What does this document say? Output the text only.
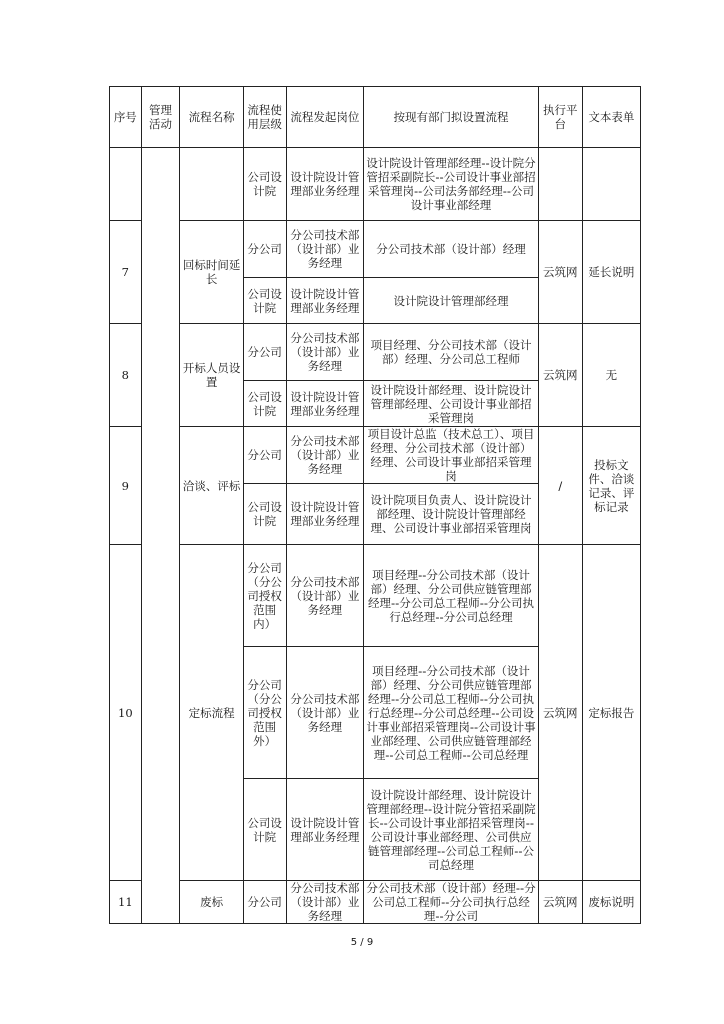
序号	管理活动	流程名称	流程使用层级	流程发起岗位	按现有部门拟设置流程	执行平台	文本表单
			公司设计院	设计院设计管理部业务经理	设计院设计管理部经理--设计院分管招采副院长--公司设计事业部招采管理岗--公司法务部经理--公司设计事业部经理		
7		回标时间延长	分公司	分公司技术部（设计部）业务经理	分公司技术部（设计部）经理	云筑网	延长说明
			公司设计院	设计院设计管理部业务经理	设计院设计管理部经理		
8		开标人员设置	分公司	分公司技术部（设计部）业务经理	项目经理、分公司技术部（设计部）经理、分公司总工程师	云筑网	无
			公司设计院	设计院设计管理部业务经理	设计院设计部经理、设计院设计管理部经理、公司设计事业部招采管理岗		
9		洽谈、评标	分公司	分公司技术部（设计部）业务经理	项目设计总监（技术总工）、项目经理、分公司技术部（设计部）经理、公司设计事业部招采管理岗	/	投标文件、洽谈记录、评标记录
			公司设计院	设计院设计管理部业务经理	设计院项目负责人、设计院设计部经理、设计院设计管理部经理、公司设计事业部招采管理岗		
10		定标流程	分公司（分公司授权范围内）	分公司技术部（设计部）业务经理	项目经理--分公司技术部（设计部）经理、分公司供应链管理部经理--分公司总工程师--分公司执行总经理--分公司总经理	云筑网	定标报告
			分公司（分公司授权范围外）	分公司技术部（设计部）业务经理	项目经理--分公司技术部（设计部）经理、分公司供应链管理部经理--分公司总工程师--分公司执行总经理--分公司总经理--公司设计事业部招采管理岗--公司设计事业部经理、公司供应链管理部经理--公司总工程师--公司总经理		
			公司设计院	设计院设计管理部业务经理	设计院设计部经理、设计院设计管理部经理--设计院分管招采副院长--公司设计事业部招采管理岗--公司设计事业部经理、公司供应链管理部经理--公司总工程师--公司总经理		
11		废标	分公司	分公司技术部（设计部）业务经理	分公司技术部（设计部）经理--分公司总工程师--分公司执行总经理--分公司	云筑网	废标说明
5 / 9
